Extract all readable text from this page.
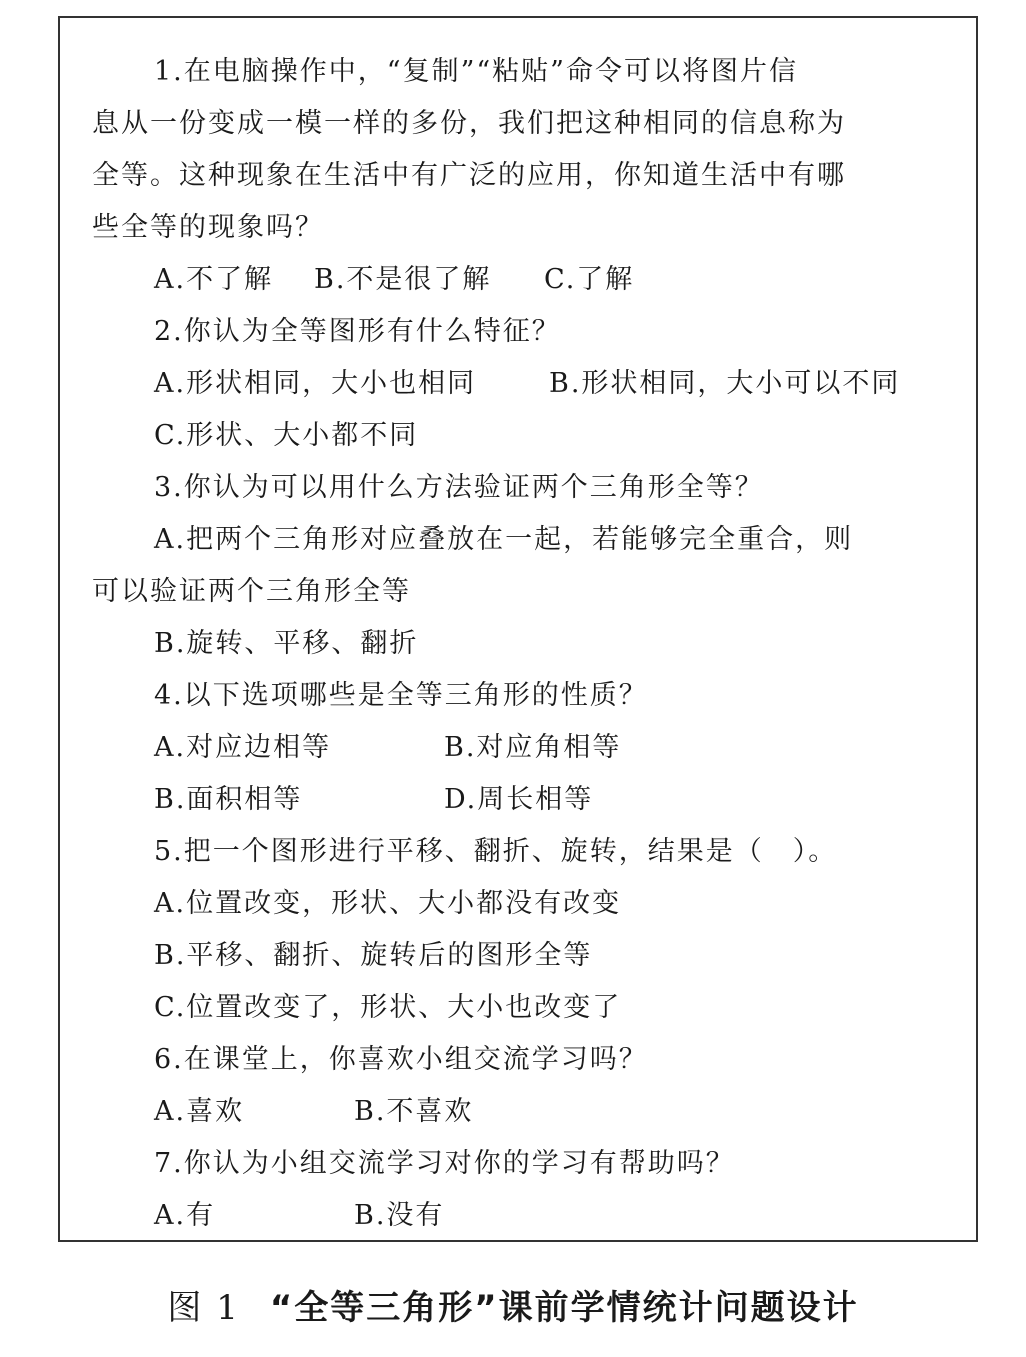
1.在电脑操作中，“复制”“粘贴”命令可以将图片信
息从一份变成一模一样的多份，我们把这种相同的信息称为
全等。这种现象在生活中有广泛的应用，你知道生活中有哪
些全等的现象吗？
A.不了解 B.不是很了解 C.了解
2.你认为全等图形有什么特征？
A.形状相同，大小也相同	B.形状相同，大小可以不同
C.形状、大小都不同
3.你认为可以用什么方法验证两个三角形全等？
A.把两个三角形对应叠放在一起，若能够完全重合，则
可以验证两个三角形全等
B.旋转、平移、翻折
4.以下选项哪些是全等三角形的性质？
A.对应边相等	B.对应角相等
B.面积相等	D.周长相等
5.把一个图形进行平移、翻折、旋转，结果是（　）。
A.位置改变，形状、大小都没有改变
B.平移、翻折、旋转后的图形全等
C.位置改变了，形状、大小也改变了
6.在课堂上，你喜欢小组交流学习吗？
A.喜欢	B.不喜欢
7.你认为小组交流学习对你的学习有帮助吗？
A.有	B.没有
图 1 “全等三角形”课前学情统计问题设计
